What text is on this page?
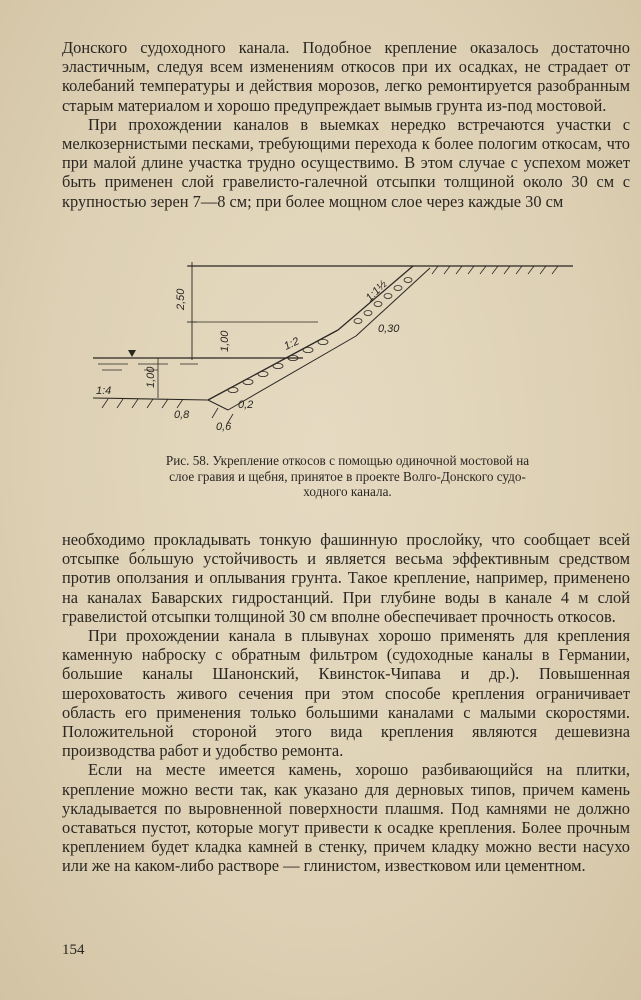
Донского судоходного канала. Подобное крепление оказалось достаточно эластичным, следуя всем изменениям откосов при их осадках, не страдает от колебаний температуры и действия морозов, легко ремонтируется разобранным старым материалом и хорошо предупреждает вымыв грунта из-под мостовой.

При прохождении каналов в выемках нередко встречаются участки с мелкозернистыми песками, требующими перехода к более пологим откосам, что при малой длине участка трудно осуществимо. В этом случае с успехом может быть применен слой гравелисто-галечной отсыпки толщиной около 30 см с крупностью зерен 7—8 см; при более мощном слое через каждые 30 см

2,50
1,00
1,00
1:1½
1:2
1:4
0,30
0,8
0,6
0,2
Рис. 58. Укрепление откосов с помощью одиночной мостовой на
слое гравия и щебня, принятое в проекте Волго-Донского судо-
ходного канала.

необходимо прокладывать тонкую фашинную прослойку, что сообщает всей отсыпке бо́льшую устойчивость и является весьма эффективным средством против оползания и оплывания грунта. Такое крепление, например, применено на каналах Баварских гидростанций. При глубине воды в канале 4 м слой гравелистой отсыпки толщиной 30 см вполне обеспечивает прочность откосов.

При прохождении канала в плывунах хорошо применять для крепления каменную наброску с обратным фильтром (судоходные каналы в Германии, большие каналы Шанонский, Квинсток-Чипава и др.). Повышенная шероховатость живого сечения при этом способе крепления ограничивает область его применения только большими каналами с малыми скоростями. Положительной стороной этого вида крепления являются дешевизна производства работ и удобство ремонта.

Если на месте имеется камень, хорошо разбивающийся на плитки, крепление можно вести так, как указано для дерновых типов, причем камень укладывается по выровненной поверхности плашмя. Под камнями не должно оставаться пустот, которые могут привести к осадке крепления. Более прочным креплением будет кладка камней в стенку, причем кладку можно вести насухо или же на каком-либо растворе — глинистом, известковом или цементном.

154
